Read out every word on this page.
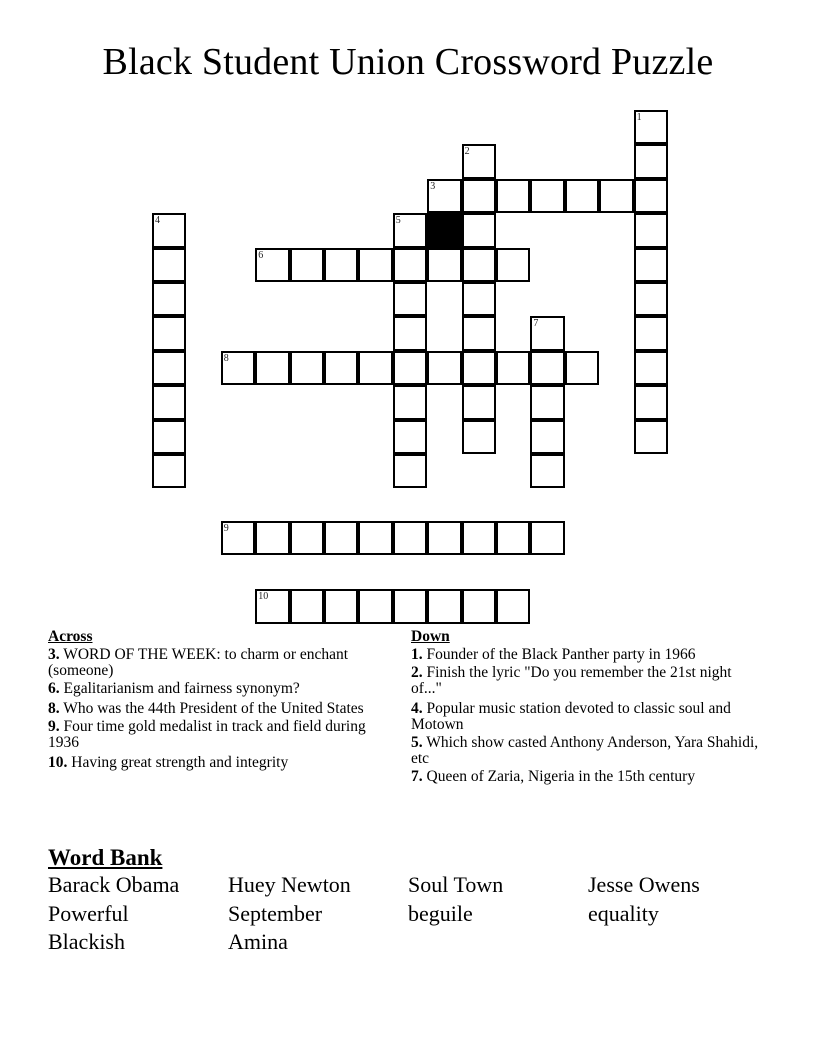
Black Student Union Crossword Puzzle
1
2
3
4	5
6
7
8
9
10
Across
3. WORD OF THE WEEK: to charm or enchant (someone)
6. Egalitarianism and fairness synonym?
8. Who was the 44th President of the United States
9. Four time gold medalist in track and field during 1936
10. Having great strength and integrity
Down
1. Founder of the Black Panther party in 1966
2. Finish the lyric "Do you remember the 21st night of..."
4. Popular music station devoted to classic soul and Motown
5. Which show casted Anthony Anderson, Yara Shahidi, etc
7. Queen of Zaria, Nigeria in the 15th century
Word Bank
Barack Obama	Huey Newton	Soul Town	Jesse Owens
Powerful	September	beguile	equality
Blackish	Amina
